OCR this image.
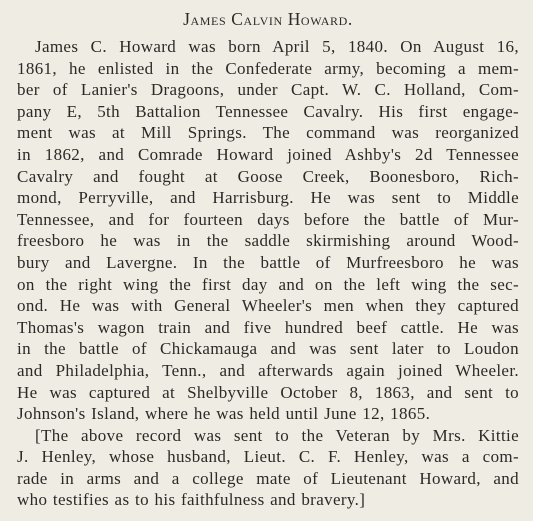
James Calvin Howard.
James C. Howard was born April 5, 1840. On August 16,
1861, he enlisted in the Confederate army, becoming a mem-
ber of Lanier's Dragoons, under Capt. W. C. Holland, Com-
pany E, 5th Battalion Tennessee Cavalry. His first engage-
ment was at Mill Springs. The command was reorganized
in 1862, and Comrade Howard joined Ashby's 2d Tennessee
Cavalry and fought at Goose Creek, Boonesboro, Rich-
mond, Perryville, and Harrisburg. He was sent to Middle
Tennessee, and for fourteen days before the battle of Mur-
freesboro he was in the saddle skirmishing around Wood-
bury and Lavergne. In the battle of Murfreesboro he was
on the right wing the first day and on the left wing the sec-
ond. He was with General Wheeler's men when they captured
Thomas's wagon train and five hundred beef cattle. He was
in the battle of Chickamauga and was sent later to Loudon
and Philadelphia, Tenn., and afterwards again joined Wheeler.
He was captured at Shelbyville October 8, 1863, and sent to
Johnson's Island, where he was held until June 12, 1865.
[The above record was sent to the Veteran by Mrs. Kittie
J. Henley, whose husband, Lieut. C. F. Henley, was a com-
rade in arms and a college mate of Lieutenant Howard, and
who testifies as to his faithfulness and bravery.]
